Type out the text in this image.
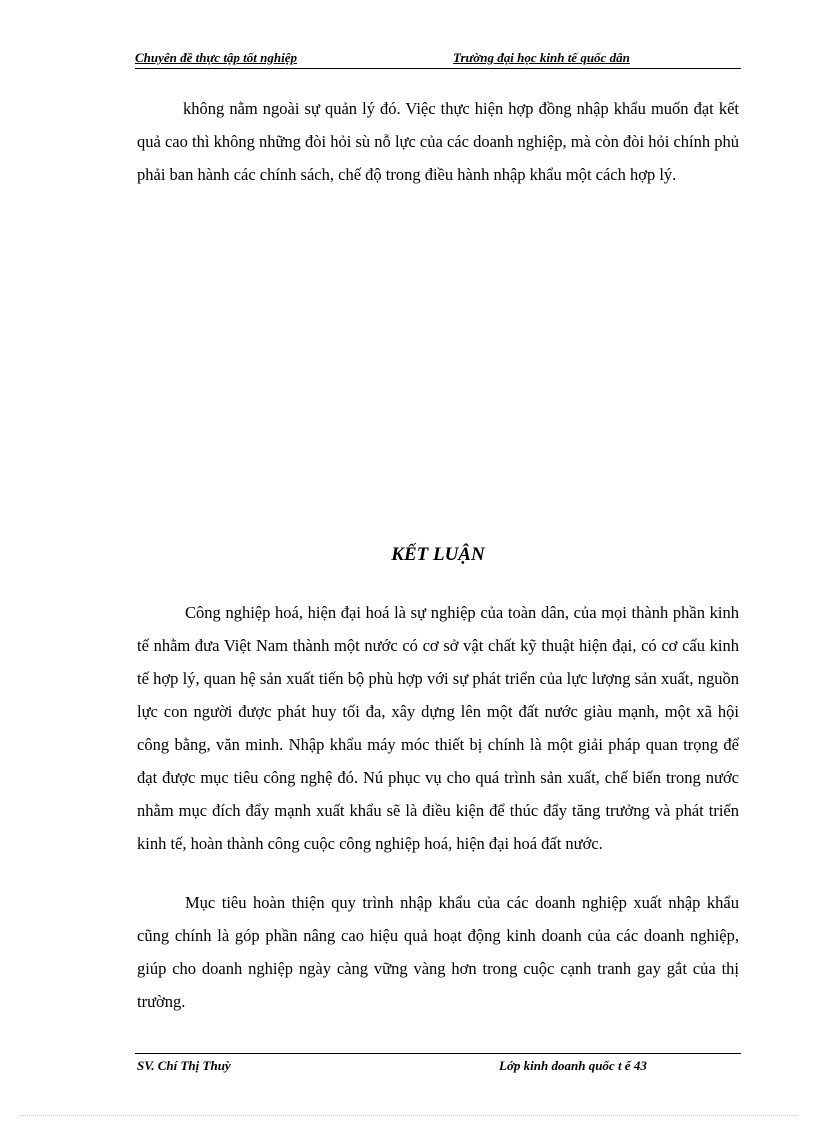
Chuyên đề thực tập tốt nghiệp	Trường đại học kinh tế quốc dân

không nằm ngoài sự quản lý đó. Việc thực hiện hợp đồng nhập khẩu muốn đạt kết quả cao thì không những đòi hỏi sù nỗ lực của các doanh nghiệp, mà còn đòi hỏi chính phủ phải ban hành các chính sách, chế độ trong điều hành nhập khẩu một cách hợp lý.

KẾT LUẬN

Công nghiệp hoá, hiện đại hoá là sự nghiệp của toàn dân, của mọi thành phần kinh tế nhằm đưa Việt Nam thành một nước có cơ sở vật chất kỹ thuật hiện đại, có cơ cấu kinh tế hợp lý, quan hệ sản xuất tiến bộ phù hợp với sự phát triển của lực lượng sản xuất, nguồn lực con người được phát huy tối đa, xây dựng lên một đất nước giàu mạnh, một xã hội công bằng, văn minh. Nhập khẩu máy móc thiết bị chính là một giải pháp quan trọng để đạt được mục tiêu công nghệ đó. Nú phục vụ cho quá trình sản xuất, chế biến trong nước nhằm mục đích đẩy mạnh xuất khẩu sẽ là điều kiện để thúc đẩy tăng trưởng và phát triển kinh tế, hoàn thành công cuộc công nghiệp hoá, hiện đại hoá đất nước.

Mục tiêu hoàn thiện quy trình nhập khẩu của các doanh nghiệp xuất nhập khẩu cũng chính là góp phần nâng cao hiệu quả hoạt động kinh doanh của các doanh nghiệp, giúp cho doanh nghiệp ngày càng vững vàng hơn trong cuộc cạnh tranh gay gắt của thị trường.

SV. Chí Thị Thuỳ	Lớp kinh doanh quốc t ế 43
